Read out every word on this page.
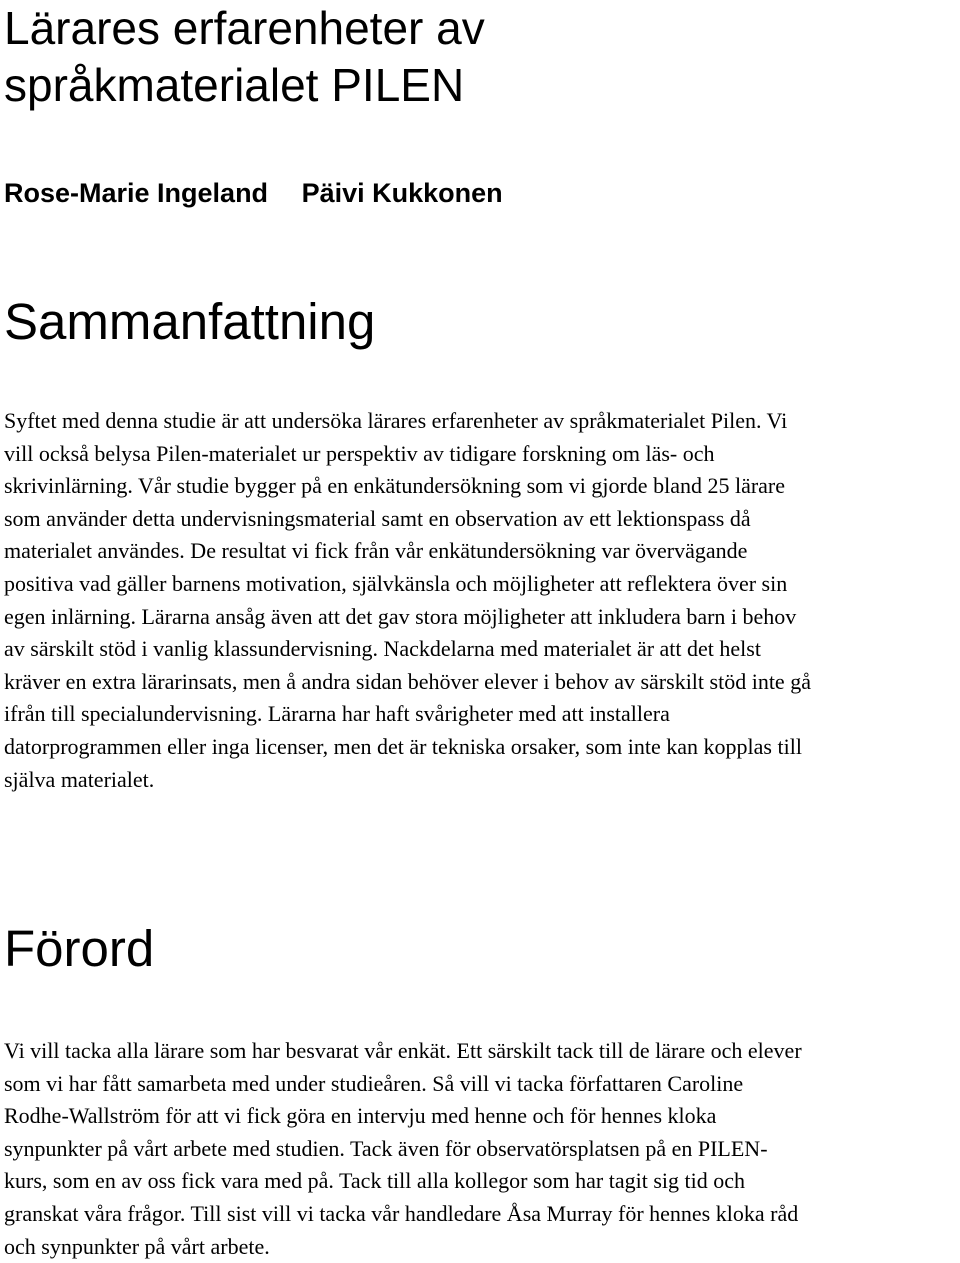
Lärares erfarenheter av
språkmaterialet PILEN
Rose-Marie Ingeland Päivi Kukkonen
Sammanfattning
Syftet med denna studie är att undersöka lärares erfarenheter av språkmaterialet Pilen. Vi
vill också belysa Pilen-materialet ur perspektiv av tidigare forskning om läs- och
skrivinlärning. Vår studie bygger på en enkätundersökning som vi gjorde bland 25 lärare
som använder detta undervisningsmaterial samt en observation av ett lektionspass då
materialet användes. De resultat vi fick från vår enkätundersökning var övervägande
positiva vad gäller barnens motivation, självkänsla och möjligheter att reflektera över sin
egen inlärning. Lärarna ansåg även att det gav stora möjligheter att inkludera barn i behov
av särskilt stöd i vanlig klassundervisning. Nackdelarna med materialet är att det helst
kräver en extra lärarinsats, men å andra sidan behöver elever i behov av särskilt stöd inte gå
ifrån till specialundervisning. Lärarna har haft svårigheter med att installera
datorprogrammen eller inga licenser, men det är tekniska orsaker, som inte kan kopplas till
själva materialet.
Förord
Vi vill tacka alla lärare som har besvarat vår enkät. Ett särskilt tack till de lärare och elever
som vi har fått samarbeta med under studieåren. Så vill vi tacka författaren Caroline
Rodhe-Wallström för att vi fick göra en intervju med henne och för hennes kloka
synpunkter på vårt arbete med studien. Tack även för observatörsplatsen på en PILEN-
kurs, som en av oss fick vara med på. Tack till alla kollegor som har tagit sig tid och
granskat våra frågor. Till sist vill vi tacka vår handledare Åsa Murray för hennes kloka råd
och synpunkter på vårt arbete.
